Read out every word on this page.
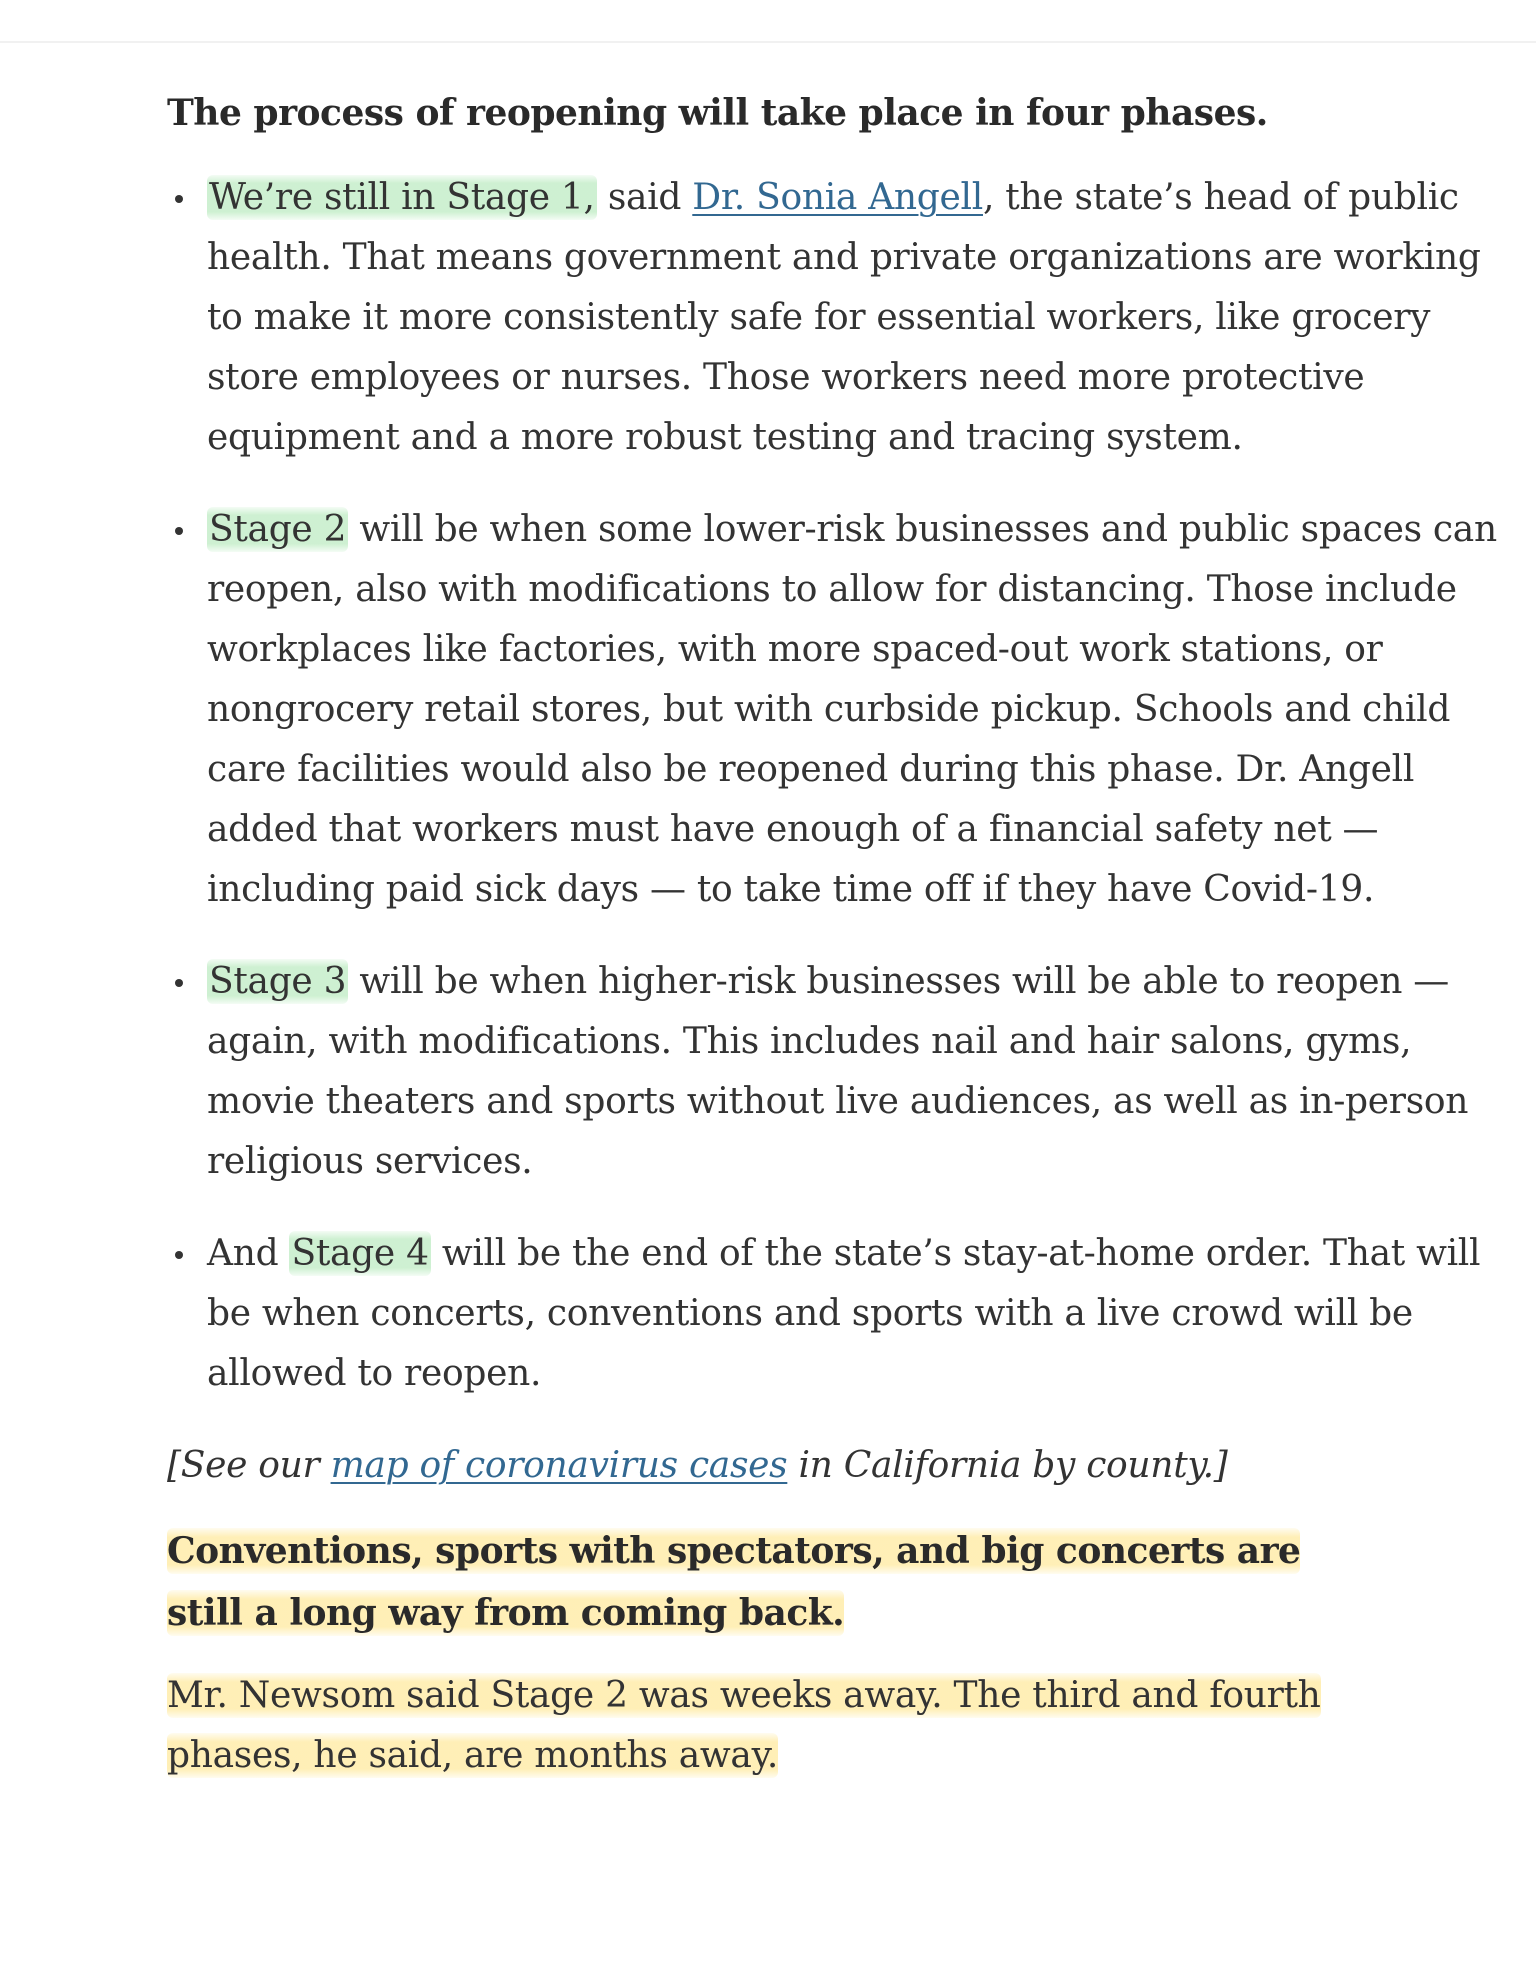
The process of reopening will take place in four phases.

We’re still in Stage 1, said Dr. Sonia Angell, the state’s head of public health. That means government and private organizations are working to make it more consistently safe for essential workers, like grocery store employees or nurses. Those workers need more protective equipment and a more robust testing and tracing system.
Stage 2 will be when some lower-risk businesses and public spaces can reopen, also with modifications to allow for distancing. Those include workplaces like factories, with more spaced-out work stations, or nongrocery retail stores, but with curbside pickup. Schools and child care facilities would also be reopened during this phase. Dr. Angell added that workers must have enough of a financial safety net — including paid sick days — to take time off if they have Covid-19.
Stage 3 will be when higher-risk businesses will be able to reopen — again, with modifications. This includes nail and hair salons, gyms, movie theaters and sports without live audiences, as well as in-person religious services.
And Stage 4 will be the end of the state’s stay-at-home order. That will be when concerts, conventions and sports with a live crowd will be allowed to reopen.

[See our map of coronavirus cases in California by county.]

Conventions, sports with spectators, and big concerts are still a long way from coming back.

Mr. Newsom said Stage 2 was weeks away. The third and fourth phases, he said, are months away.
